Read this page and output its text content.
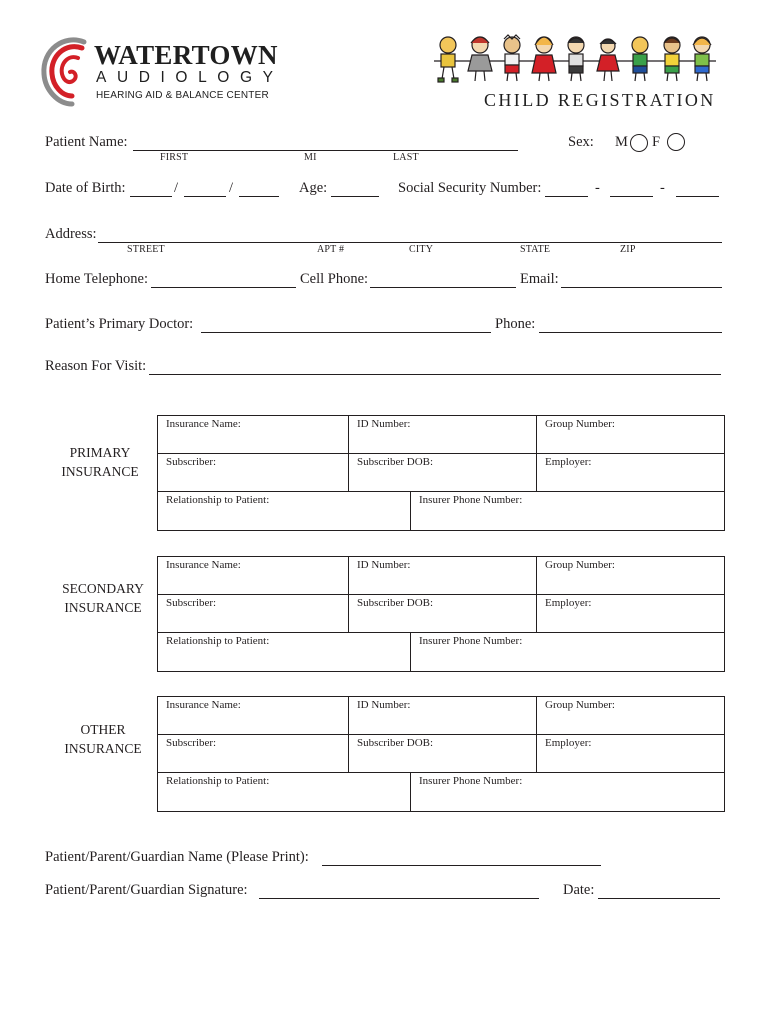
WATERTOWN
AUDIOLOGY
HEARING AID & BALANCE CENTER	CHILD REGISTRATION
Patient Name:
FIRST	MI	LAST
Sex: M F
Date of Birth:	/	/	Age:	Social Security Number:	-	-
Address:
STREET	APT #	CITY	STATE	ZIP
Home Telephone:	Cell Phone:	Email:
Patient’s Primary Doctor:	Phone:
Reason For Visit:
PRIMARY
INSURANCE
Insurance Name:	ID Number:	Group Number:
Subscriber:	Subscriber DOB:	Employer:
Relationship to Patient:	Insurer Phone Number:
SECONDARY
INSURANCE
Insurance Name:	ID Number:	Group Number:
Subscriber:	Subscriber DOB:	Employer:
Relationship to Patient:	Insurer Phone Number:
OTHER
INSURANCE
Insurance Name:	ID Number:	Group Number:
Subscriber:	Subscriber DOB:	Employer:
Relationship to Patient:	Insurer Phone Number:
Patient/Parent/Guardian Name (Please Print):
Patient/Parent/Guardian Signature:	Date:
